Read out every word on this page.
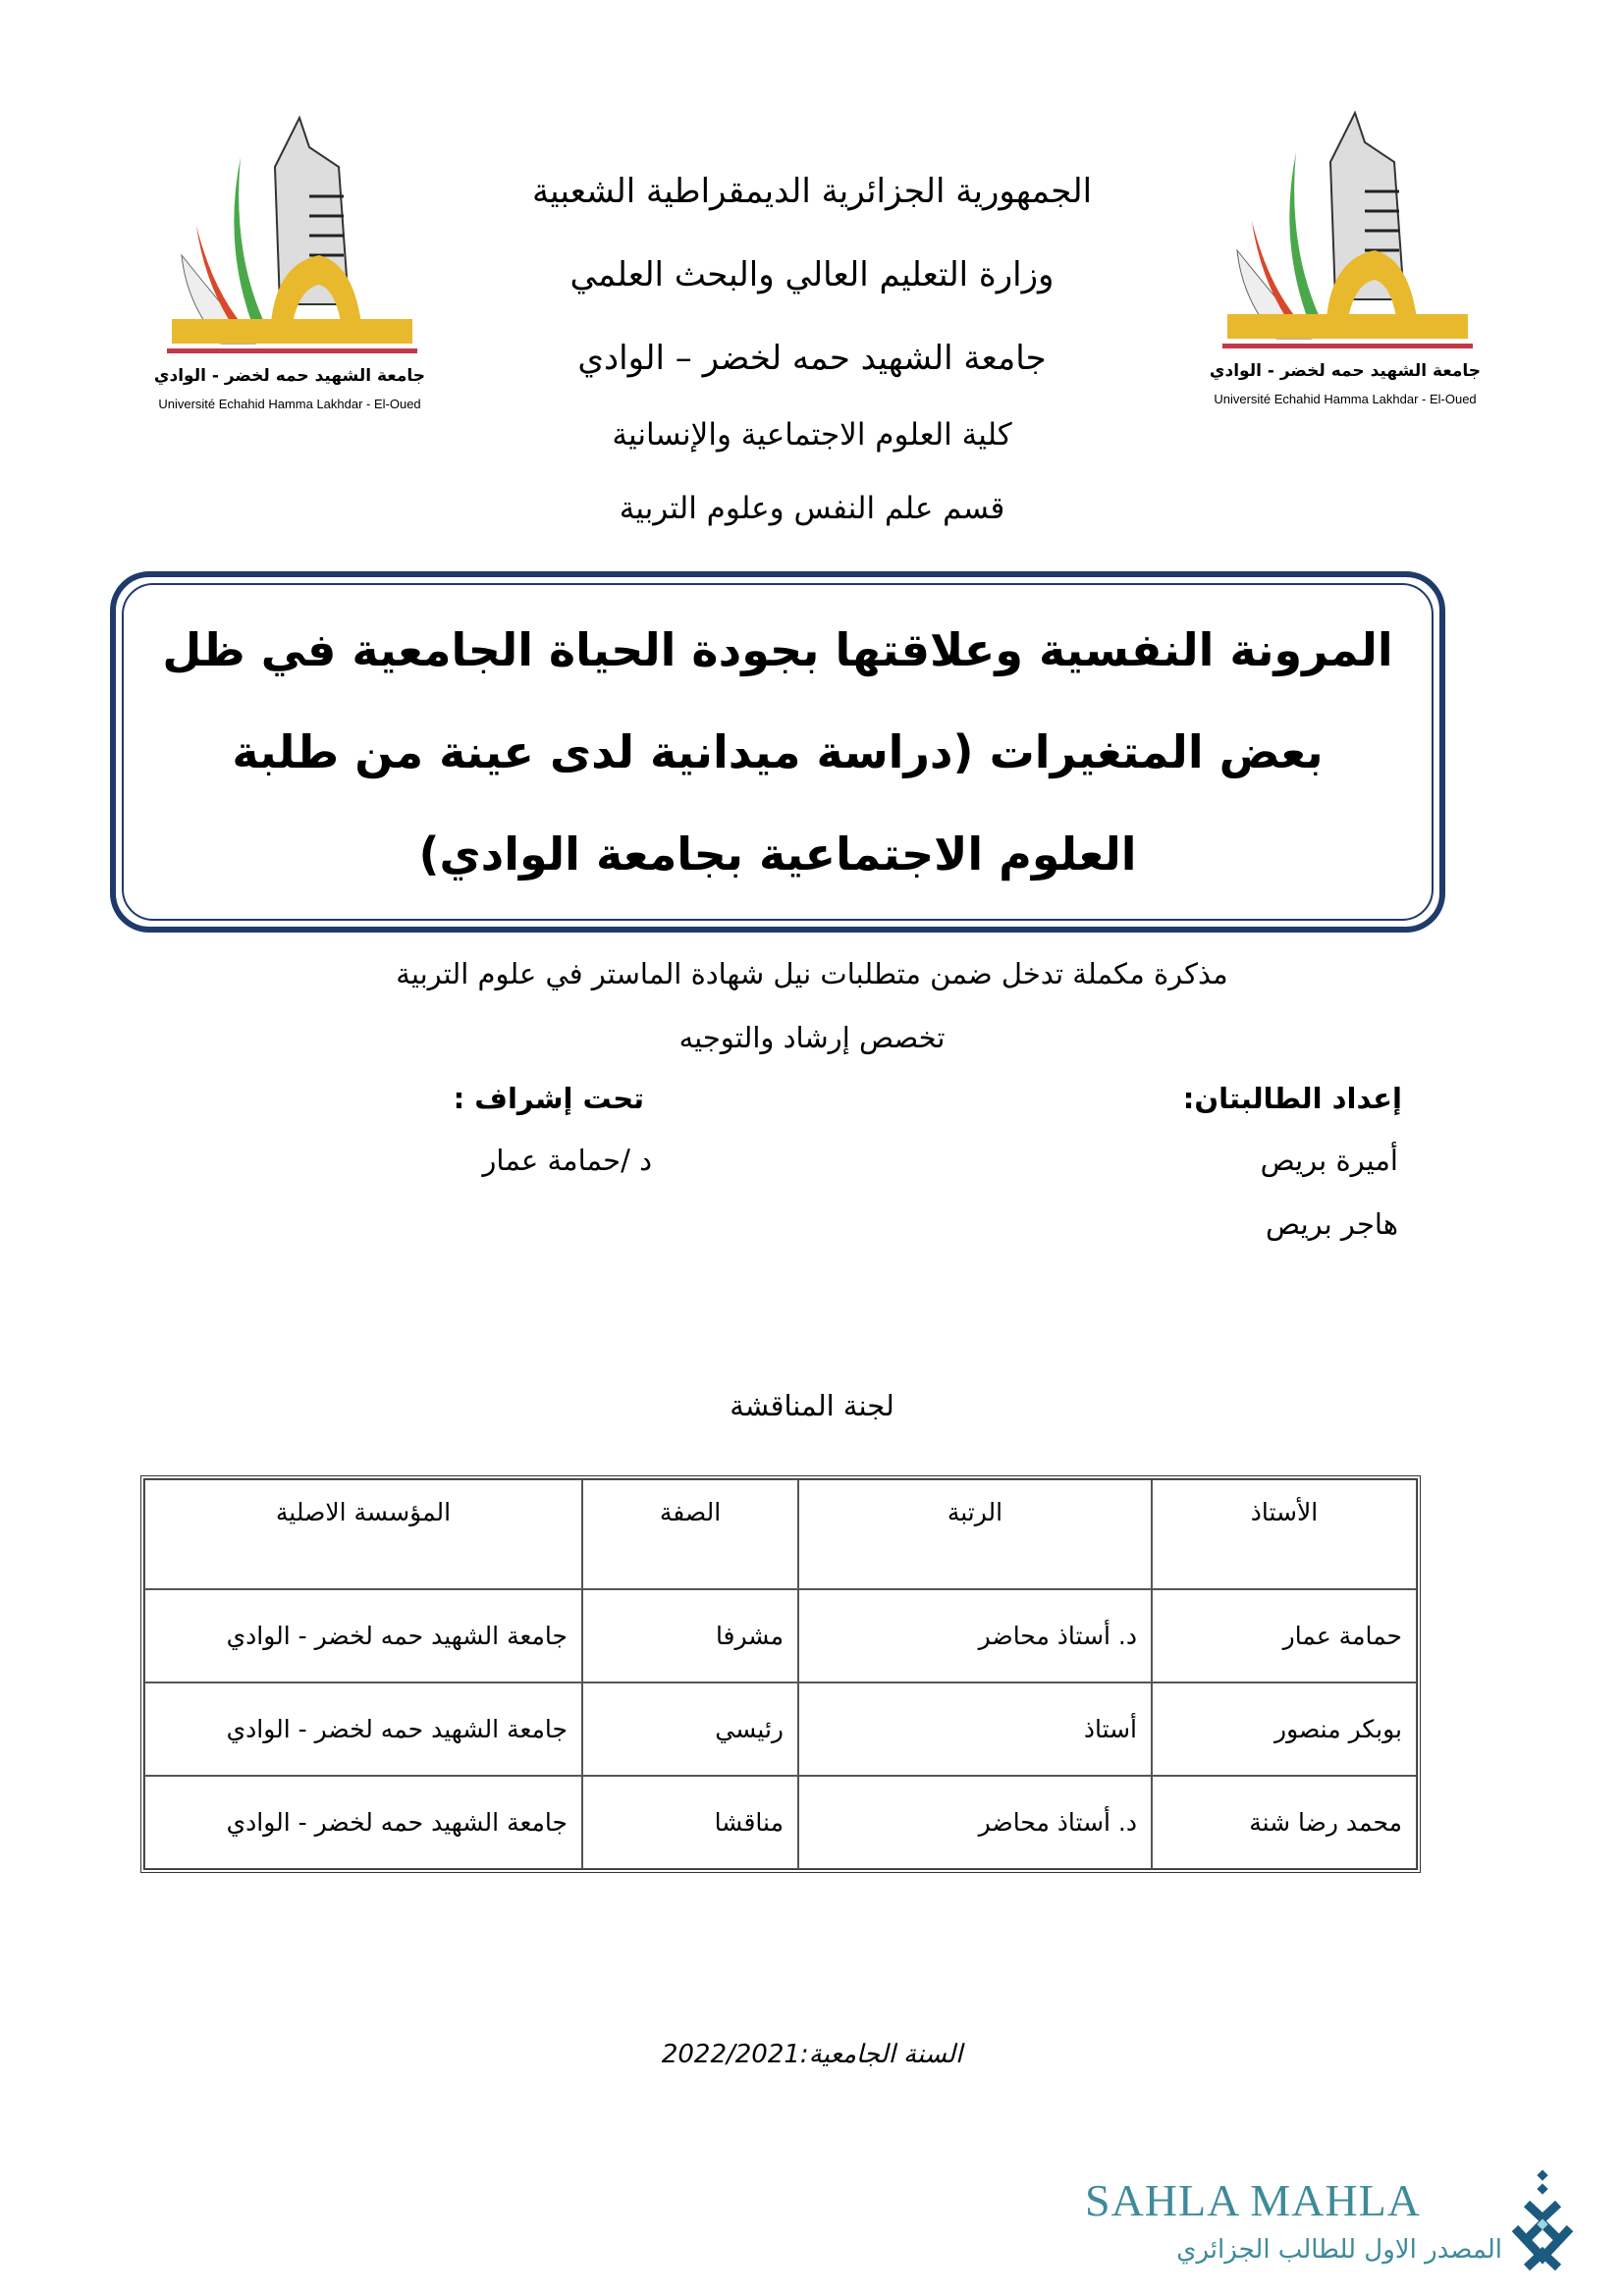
جامعة الشهيد حمه لخضر - الوادي
Université Echahid Hamma Lakhdar - El-Oued
جامعة الشهيد حمه لخضر - الوادي
Université Echahid Hamma Lakhdar - El-Oued
الجمهورية الجزائرية الديمقراطية الشعبية
وزارة التعليم العالي والبحث العلمي
جامعة الشهيد حمه لخضر – الوادي
كلية العلوم الاجتماعية والإنسانية
قسم علم النفس وعلوم التربية
المرونة النفسية وعلاقتها بجودة الحياة الجامعية في ظل
بعض المتغيرات (دراسة ميدانية لدى عينة من طلبة
العلوم الاجتماعية بجامعة الوادي)
مذكرة مكملة تدخل ضمن متطلبات نيل شهادة الماستر في علوم التربية
تخصص إرشاد والتوجيه
إعداد الطالبتان:
أميرة بريص
هاجر بريص
تحت إشراف :
د /حمامة عمار
لجنة المناقشة
الأستاذ	الرتبة	الصفة	المؤسسة الاصلية
حمامة عمار	د. أستاذ محاضر	مشرفا	جامعة الشهيد حمه لخضر - الوادي
بوبكر منصور	أستاذ	رئيسي	جامعة الشهيد حمه لخضر - الوادي
محمد رضا شنة	د. أستاذ محاضر	مناقشا	جامعة الشهيد حمه لخضر - الوادي
السنة الجامعية:2022/2021
SAHLA MAHLA
المصدر الاول للطالب الجزائري
